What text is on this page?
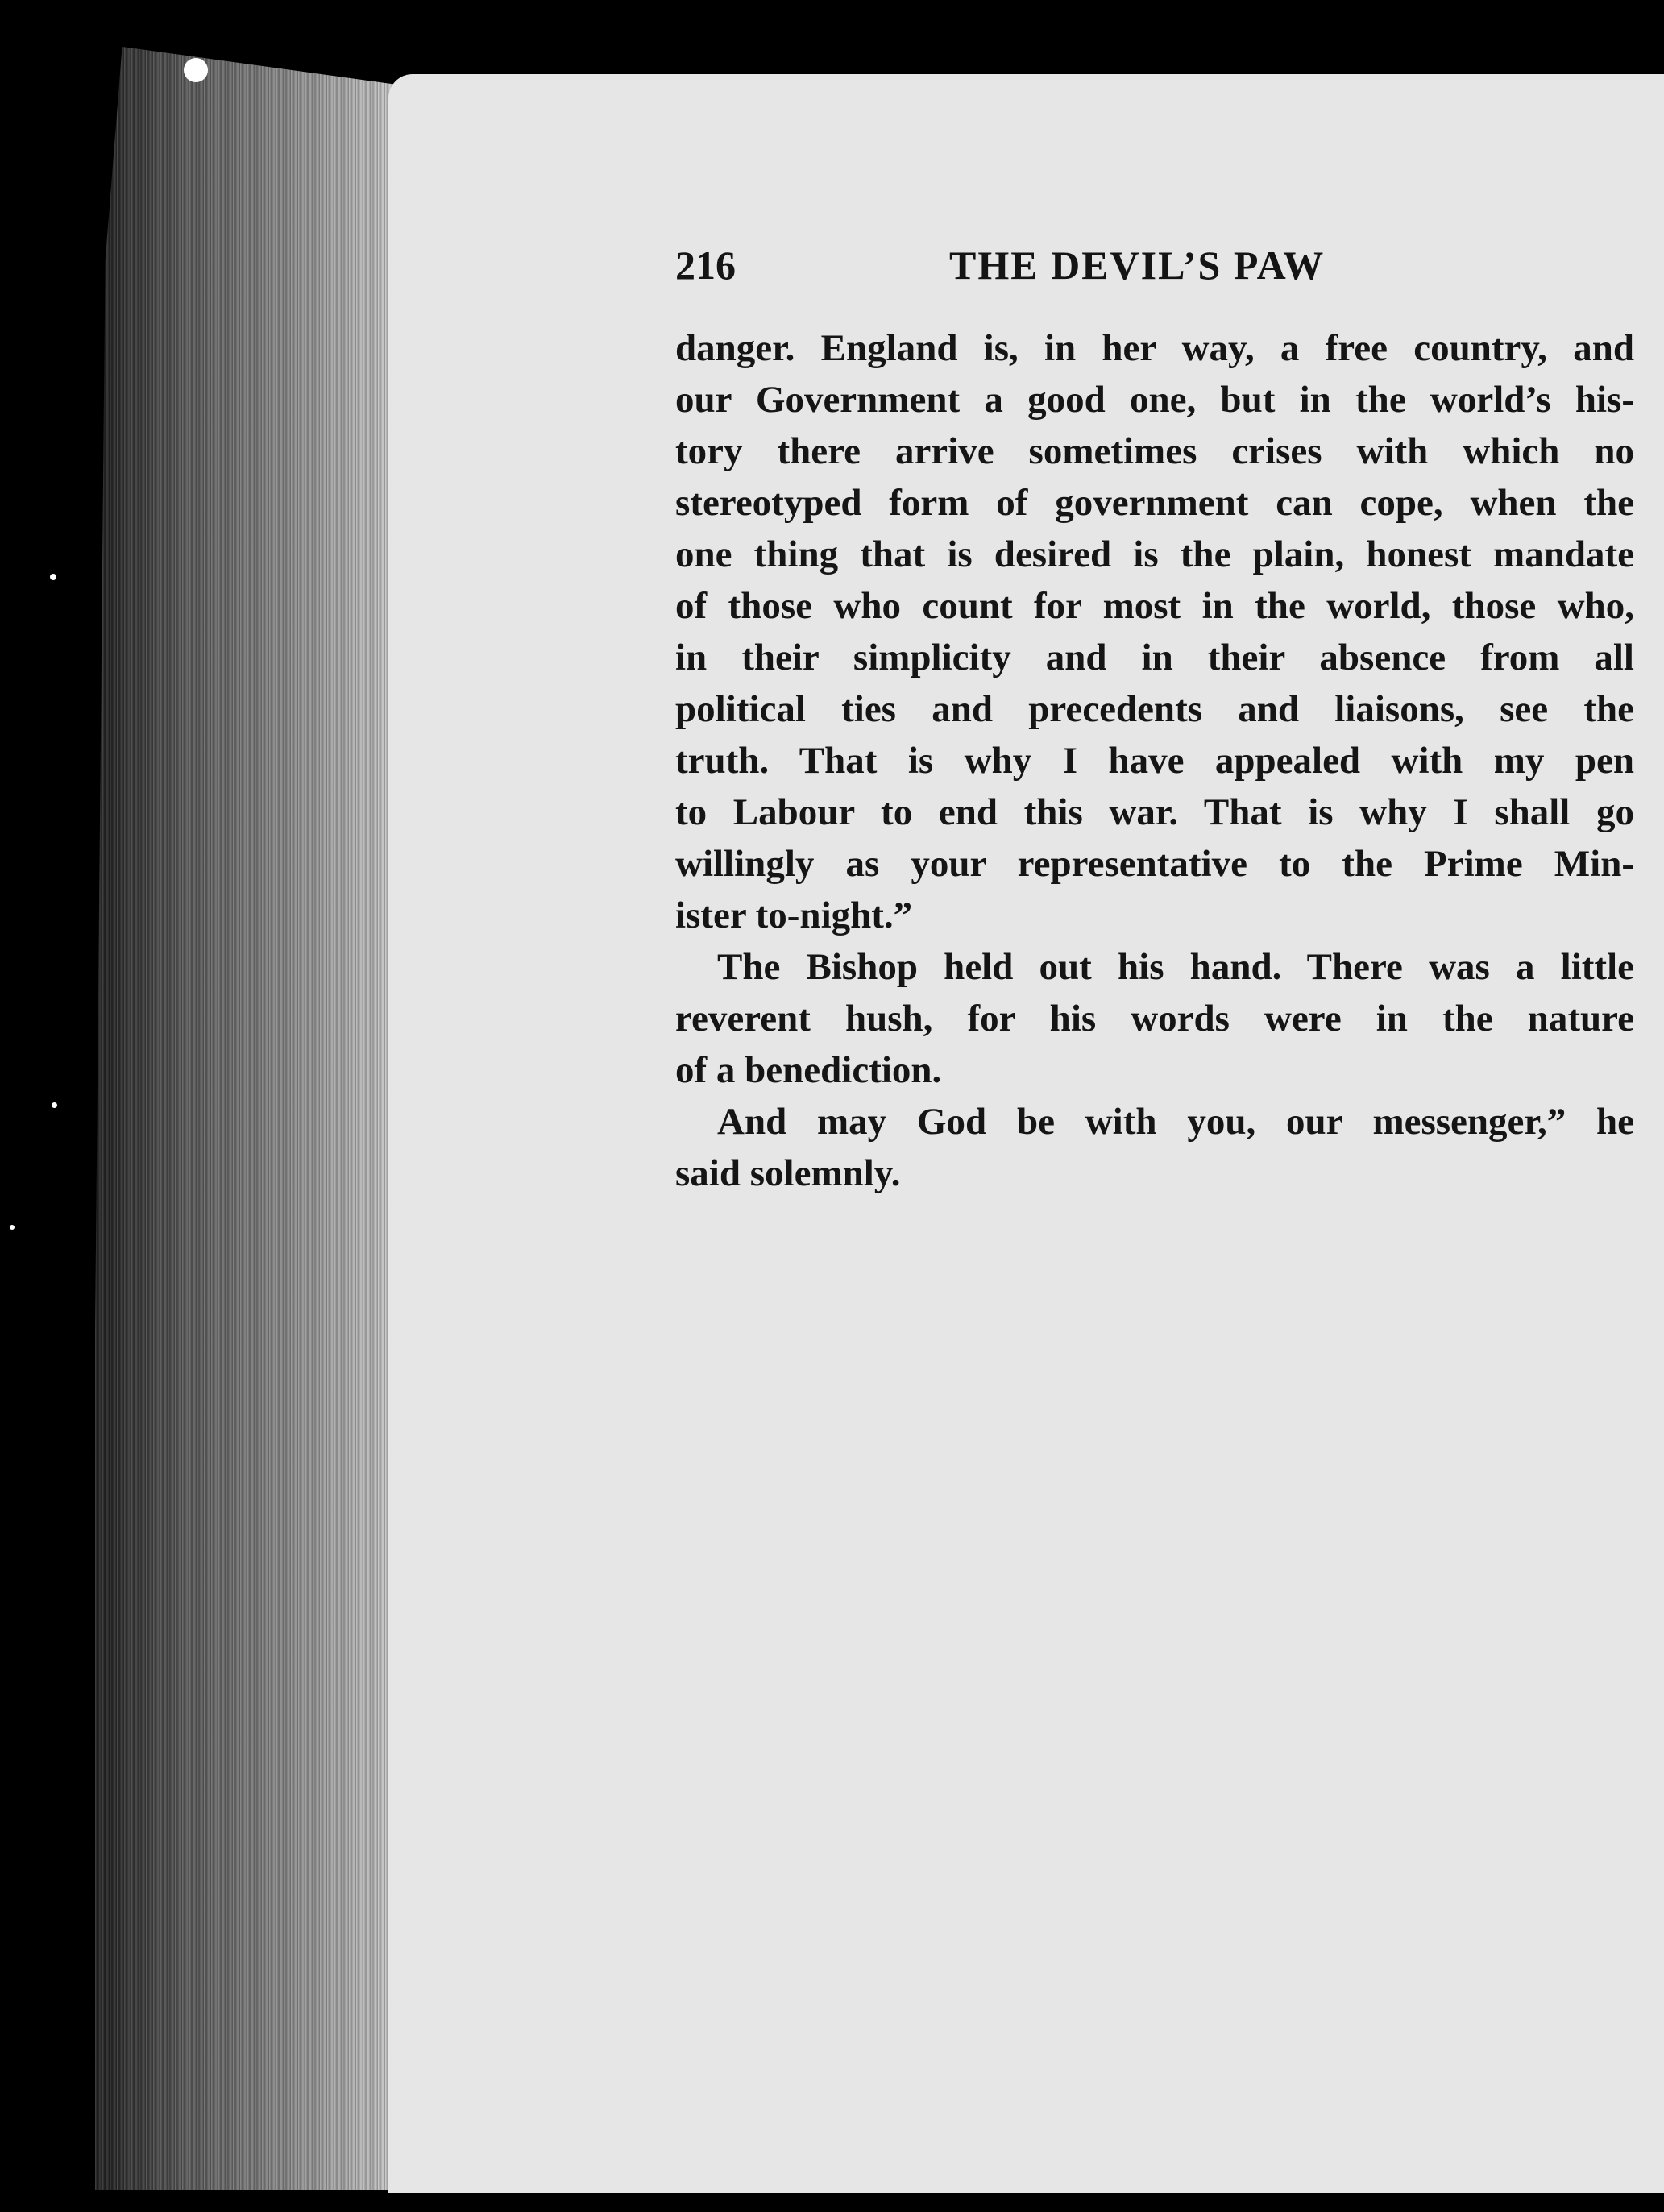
216	THE DEVIL’S PAW
danger. England is, in her way, a free country, and
our Government a good one, but in the world’s his-
tory there arrive sometimes crises with which no
stereotyped form of government can cope, when the
one thing that is desired is the plain, honest mandate
of those who count for most in the world, those who,
in their simplicity and in their absence from all
political ties and precedents and liaisons, see the
truth. That is why I have appealed with my pen
to Labour to end this war. That is why I shall go
willingly as your representative to the Prime Min-
ister to-night.”
The Bishop held out his hand. There was a little
reverent hush, for his words were in the nature
of a benediction.
And may God be with you, our messenger,” he
said solemnly.
